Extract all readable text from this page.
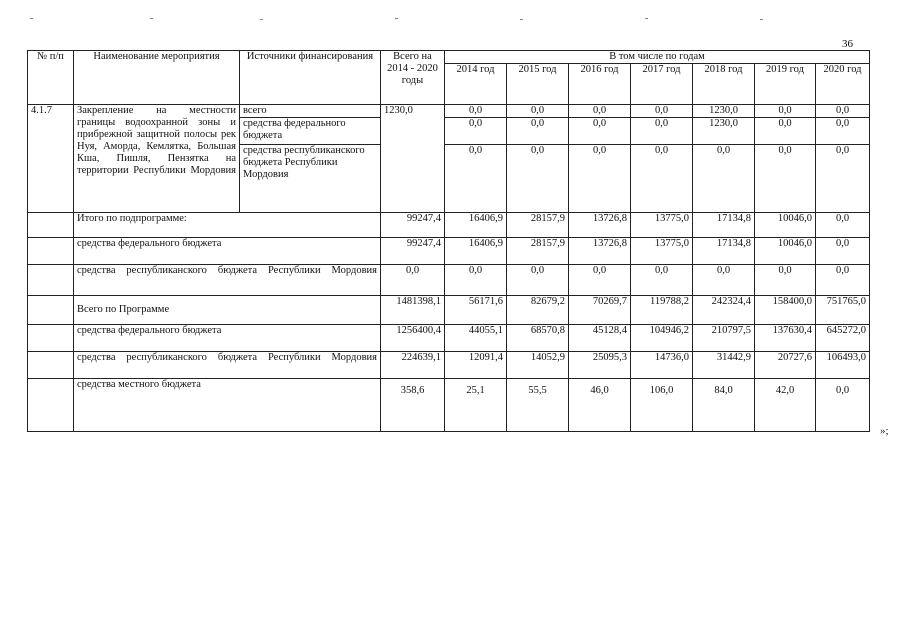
36
»;
№ п/п	Наименование мероприятия	Источники финансирования	Всего на 2014 - 2020 годы	В том числе по годам						
				2014 год	2015 год	2016 год	2017 год	2018 год	2019 год	2020 год
4.1.7	Закрепление на местности границы водоохранной зоны и прибрежной защитной полосы рек Нуя, Аморда, Кемлятка, Большая Кша, Пишля, Пензятка на территории Республики Мордовия	всего	1230,0	0,0	0,0	0,0	0,0	1230,0	0,0	0,0
		средства федерального бюджета		0,0	0,0	0,0	0,0	1230,0	0,0	0,0
		средства республиканского бюджета Республики Мордовия		0,0	0,0	0,0	0,0	0,0	0,0	0,0
	Итого по подпрограмме:		99247,4	16406,9	28157,9	13726,8	13775,0	17134,8	10046,0	0,0
	средства федерального бюджета		99247,4	16406,9	28157,9	13726,8	13775,0	17134,8	10046,0	0,0
	средства республиканского бюджета Республики Мордовия		0,0	0,0	0,0	0,0	0,0	0,0	0,0	0,0
	Всего по Программе		1481398,1	56171,6	82679,2	70269,7	119788,2	242324,4	158400,0	751765,0
	средства федерального бюджета		1256400,4	44055,1	68570,8	45128,4	104946,2	210797,5	137630,4	645272,0
	средства республиканского бюджета Республики Мордовия		224639,1	12091,4	14052,9	25095,3	14736,0	31442,9	20727,6	106493,0
	средства местного бюджета		358,6	25,1	55,5	46,0	106,0	84,0	42,0	0,0
